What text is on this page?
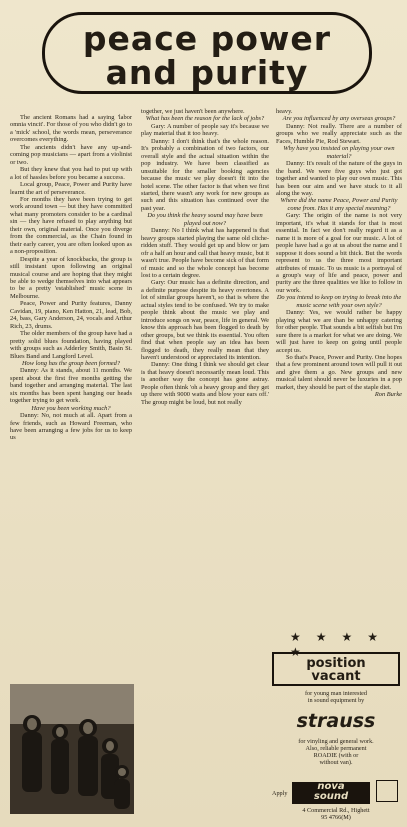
peace power
and purity

The ancient Romans had a saying 'labor omnia vincit'. For those of you who didn't go to a 'mick' school, the words mean, perseverance overcomes everything.

The ancients didn't have any up-and-coming pop musicians — apart from a violinist or two.

But they knew that you had to put up with a lot of hassles before you became a success.

Local group, Peace, Power and Purity have learnt the art of perseverance.

For months they have been trying to get work around town — but they have committed what many promoters consider to be a cardinal sin — they have refused to play anything but their own, original material. Once you diverge from the commercial, as the Chain found in their early career, you are often looked upon as a non-proposition.

Despite a year of knockbacks, the group is still insistant upon following an original musical course and are hoping that they might be able to wedge themselves into what appears to be a pretty 'established' music scene in Melbourne.

Peace, Power and Purity features, Danny Cavidan, 19, piano, Ken Hatton, 21, lead, Bob, 24, bass, Gary Anderson, 24, vocals and Arthur Rich, 23, drums.

The older members of the group have had a pretty solid blues foundation, having played with groups such as Adderley Smith, Basin St. Blues Band and Langford Level.

How long has the group been formed?

Danny: As it stands, about 11 months. We spent about the first five months getting the band together and arranging material. The last six months has been spent hanging our heads together trying to get work.

Have you been working much?

Danny: No, not much at all. Apart from a few friends, such as Howard Freeman, who have been arranging a few jobs for us to keep us

together, we just haven't been anywhere.

What has been the reason for the lack of jobs?

Gary: A number of people say it's because we play material that it too heavy.

Danny: I don't think that's the whole reason. It's probably a combination of two factors, our overall style and the actual situation within the pop industry. We have been classified as unsuitable for the smaller booking agencies because the music we play doesn't fit into the hotel scene. The other factor is that when we first started, there wasn't any work for new groups as such and this situation has continued over the past year.

Do you think the heavy sound may have been played out now?

Danny: No I think what has happened is that heavy groups started playing the same old cliche-ridden stuff. They would get up and blow or jam ofr a half an hour and call that heavy music, but it wasn't true. People have become sick of that form of music and so the whole concept has become lost to a certain degree.

Gary: Our music has a definite direction, and a definite purpose despite its heavy overtones. A lot of similar groups haven't, so that is where the actual styles tend to be confused. We try to make people think about the music we play and introduce songs on war, peace, life in general. We know this approach has been flogged to death by other groups, but we think its essential. You often find that when people say an idea has been flogged to death, they really mean that they haven't understood or appreciated its intention.

Danny: One thing I think we should get clear is that heavy doesn't necessarily mean loud. This is another way the concept has gone astray. People often think 'oh a heavy group and they get up there with 9000 watts and blow your ears off.' The group might be loud, but not really

heavy.

Are you influenced by any overseas groups?

Danny: Not really. There are a number of groups who we really appreciate such as the Faces, Humble Pie, Rod Stewart.

Why have you insisted on playing your own material?

Danny: It's result of the nature of the guys in the band. We were five guys who just got together and wanted to play our own music. This has been our aim and we have stuck to it all along the way.

Where did the name Peace, Power and Purity come from. Has it any special meaning?

Gary: The origin of the name is not very important, it's what it stands for that is most essential. In fact we don't really regard it as a name it is more of a goal for our music. A lot of people have had a go at us about the name and I suppose it does sound a bit thick. But the words represent to us the three most important attributes of music. To us music is a portrayal of a group's way of life and peace, power and purity are the three qualities we like to follow in our work.

Do you intend to keep on trying to break into the music scene with your own style?

Danny: Yes, we would rather be happy playing what we are than be unhappy catering for other people. That sounds a bit selfish but I'm sure there is a market for what we are doing. We will just have to keep on going until people accept us.

So that's Peace, Power and Purity. One hopes that a few prominent around town will pull it out and give them a go. New groups and new musical talent should never be luxuries in a pop market, they should be part of the staple diet.

Ron Burke

★ ★ ★ ★ ★
position
vacant
for young man interested
in sound equipment by
strauss
for vinyling and general work.
Also, reliable permanent
ROADIE (with or
without van).
Apply
nova
sound
4 Commercial Rd., Highett
95 4766(M)
